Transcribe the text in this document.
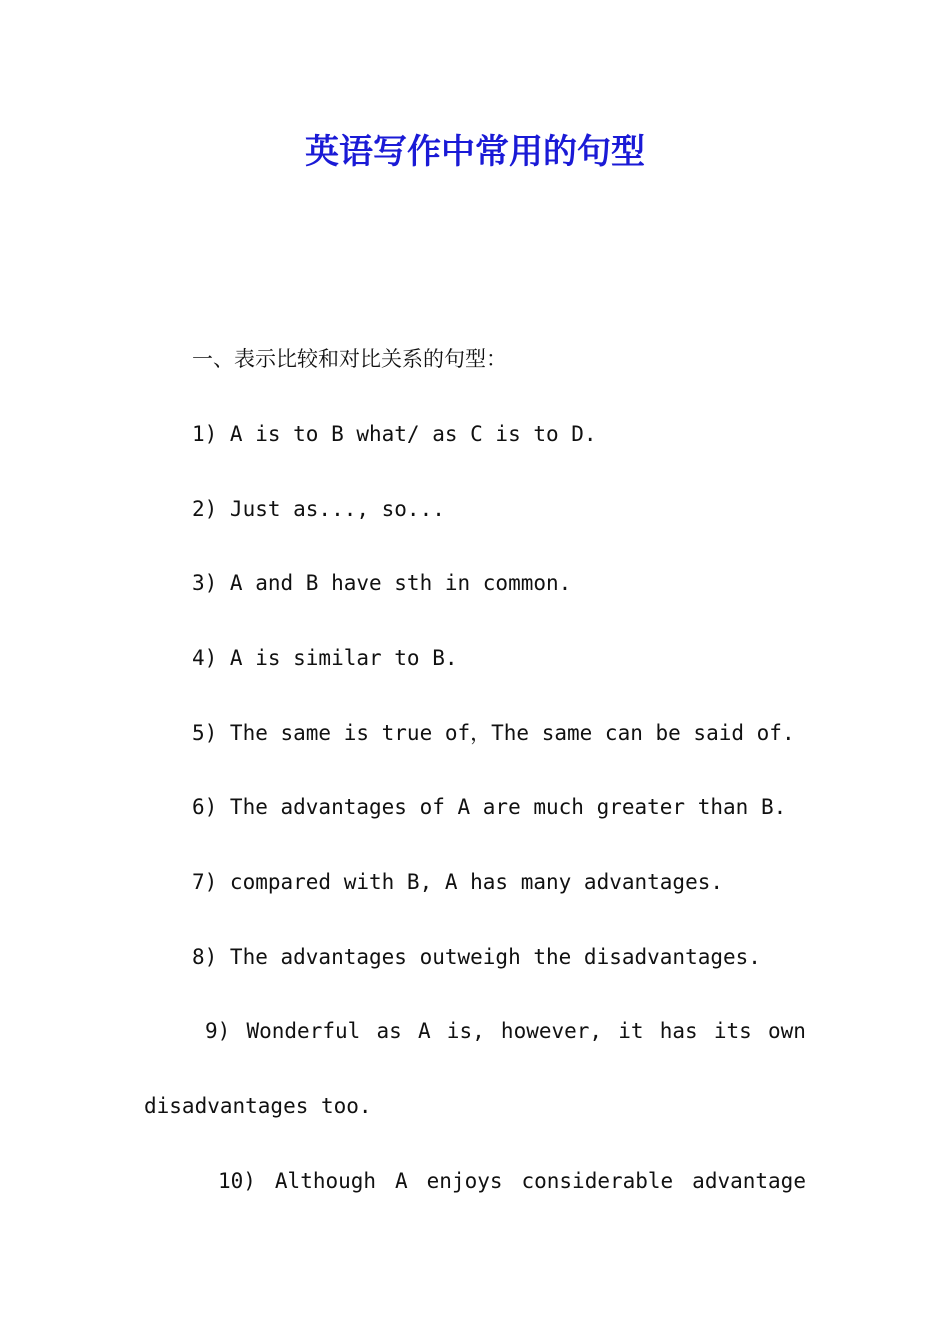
英语写作中常用的句型

一、表示比较和对比关系的句型：

1) A is to B what/ as C is to D.

2) Just as..., so...

3) A and B have sth in common.

4) A is similar to B.

5) The same is true of，The same can be said of.

6) The advantages of A are much greater than B.

7) compared with B, A has many advantages.

8) The advantages outweigh the disadvantages.

9) Wonderful as A is, however, it has its own

disadvantages too.

10) Although A enjoys considerable advantage
